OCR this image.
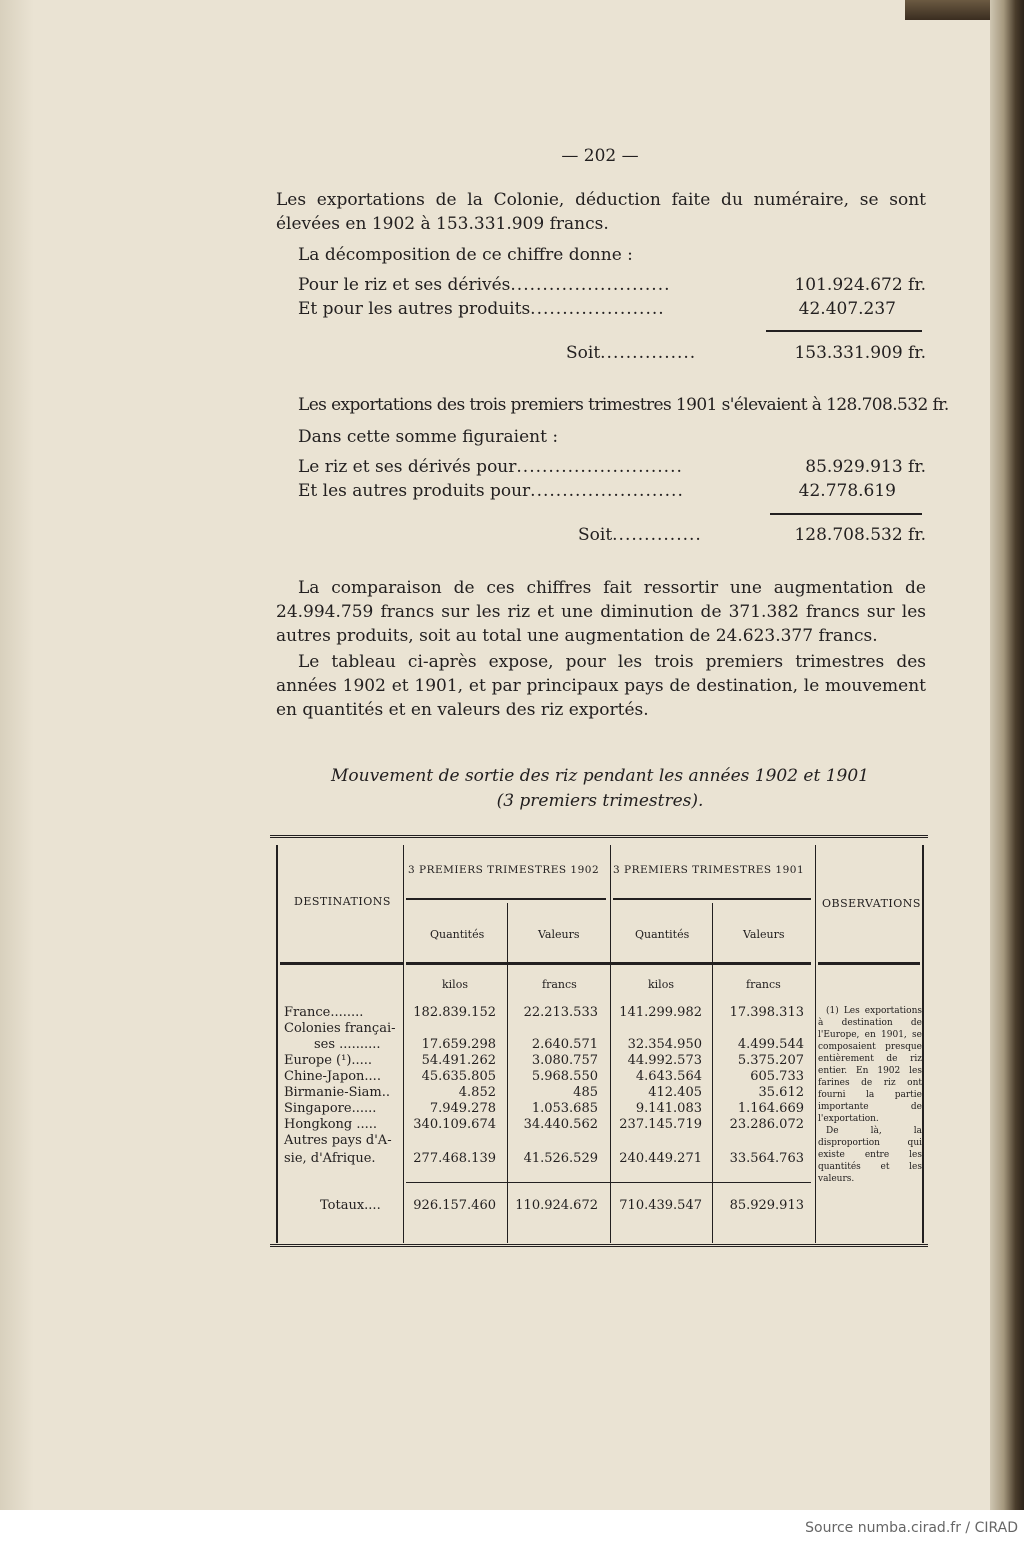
— 202 —
Les exportations de la Colonie, déduction faite du numéraire, se sont élevées en 1902 à 153.331.909 francs.
La décomposition de ce chiffre donne :
Pour le riz et ses dérivés.........................	101.924.672 fr.
Et pour les autres produits.....................	42.407.237
Soit...............	153.331.909 fr.
Les exportations des trois premiers trimestres 1901 s'élevaient à 128.708.532 fr.
Dans cette somme figuraient :
Le riz et ses dérivés pour..........................	85.929.913 fr.
Et les autres produits pour........................	42.778.619
Soit..............	128.708.532 fr.
La comparaison de ces chiffres fait ressortir une augmentation de 24.994.759 francs sur les riz et une diminution de 371.382 francs sur les autres produits, soit au total une augmentation de 24.623.377 francs.
Le tableau ci-après expose, pour les trois premiers trimestres des années 1902 et 1901, et par principaux pays de destination, le mouvement en quantités et en valeurs des riz exportés.
Mouvement de sortie des riz pendant les années 1902 et 1901
(3 premiers trimestres).
DESTINATIONS
3 PREMIERS TRIMESTRES 1902 3 PREMIERS TRIMESTRES 1901
OBSERVATIONS
Quantités	Valeurs	Quantités	Valeurs
kilos	francs	kilos	francs
France........	182.839.152 22.213.533 141.299.982 17.398.313
Colonies françai-
ses ..........	17.659.298	2.640.571 32.354.950	4.499.544
Europe (¹).....	54.491.262	3.080.757 44.992.573	5.375.207
Chine-Japon....	45.635.805	5.968.550	4.643.564	605.733
Birmanie-Siam..	4.852	485	412.405	35.612
Singapore......	7.949.278	1.053.685	9.141.083	1.164.669
Hongkong .....	340.109.674 34.440.562 237.145.719 23.286.072
Autres pays d'A-
sie, d'Afrique.	277.468.139 41.526.529 240.449.271 33.564.763
Totaux....	926.157.460 110.924.672 710.439.547 85.929.913
(1) Les exportations à destination de l'Europe, en 1901, se composaient presque entièrement de riz entier. En 1902 les farines de riz ont fourni la partie importante de l'exportation.
De là, la disproportion qui existe entre les quantités et les valeurs.
Source numba.cirad.fr / CIRAD
